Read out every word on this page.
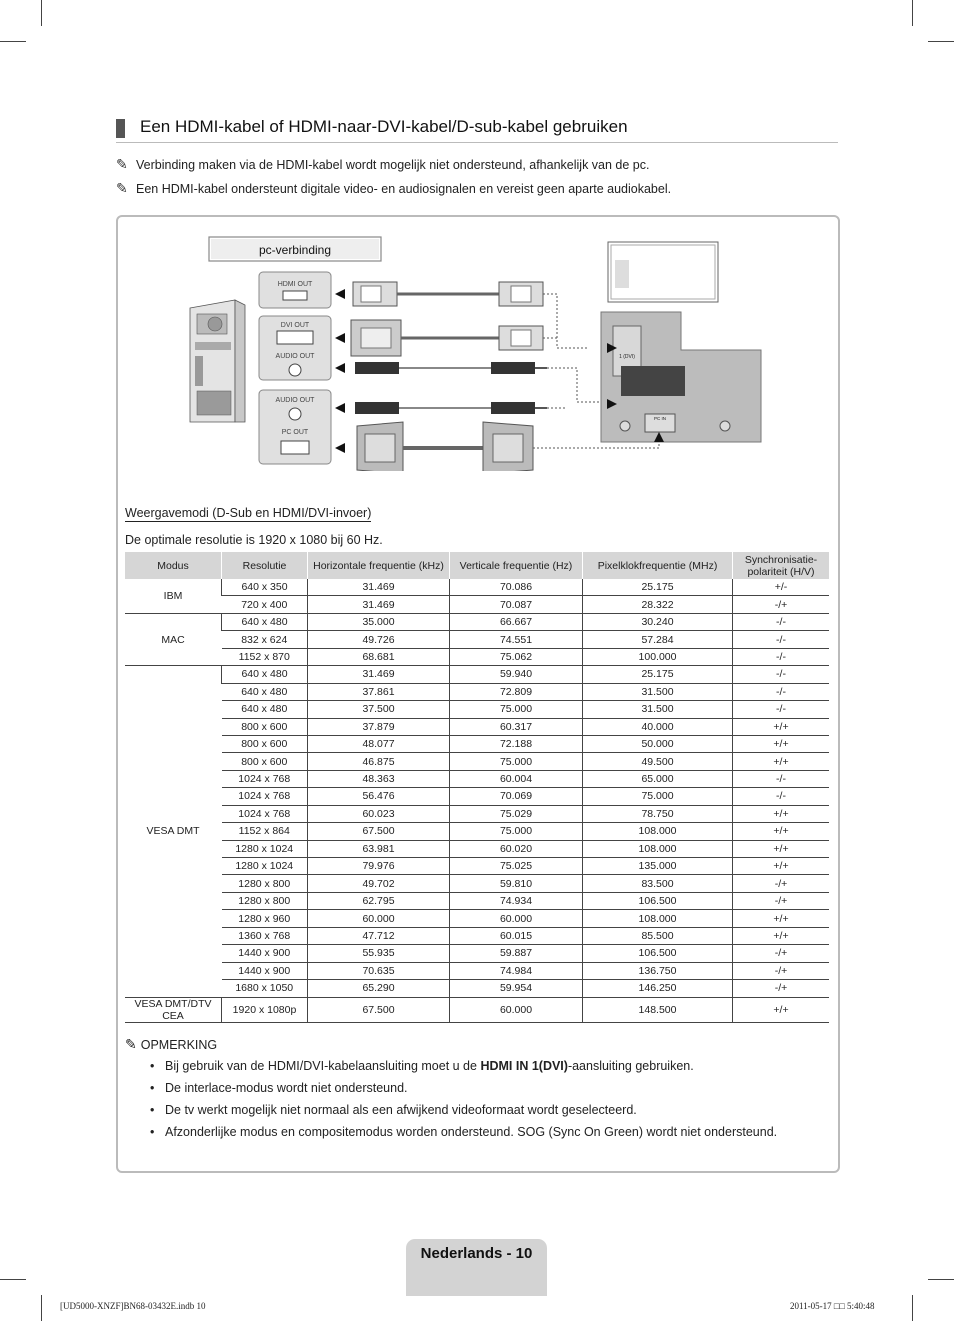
Een HDMI-kabel of HDMI-naar-DVI-kabel/D-sub-kabel gebruiken
✎ Verbinding maken via de HDMI-kabel wordt mogelijk niet ondersteund, afhankelijk van de pc.
✎ Een HDMI-kabel ondersteunt digitale video- en audiosignalen en vereist geen aparte audiokabel.
pc-verbinding
HDMI OUT
DVI OUT
AUDIO OUT
AUDIO OUT
PC OUT
1 (DVI)
PC IN
Weergavemodi (D-Sub en HDMI/DVI-invoer)
De optimale resolutie is 1920 x 1080 bij 60 Hz.
Modus	Resolutie	Horizontale frequentie (kHz)	Verticale frequentie (Hz)	Pixelklokfrequentie (MHz)	Synchronisatie-polariteit (H/V)
IBM	640 x 350	31.469	70.086	25.175	+/-
	720 x 400	31.469	70.087	28.322	-/+
MAC	640 x 480	35.000	66.667	30.240	-/-
	832 x 624	49.726	74.551	57.284	-/-
	1152 x 870	68.681	75.062	100.000	-/-
VESA DMT	640 x 480	31.469	59.940	25.175	-/-
	640 x 480	37.861	72.809	31.500	-/-
	640 x 480	37.500	75.000	31.500	-/-
	800 x 600	37.879	60.317	40.000	+/+
	800 x 600	48.077	72.188	50.000	+/+
	800 x 600	46.875	75.000	49.500	+/+
	1024 x 768	48.363	60.004	65.000	-/-
	1024 x 768	56.476	70.069	75.000	-/-
	1024 x 768	60.023	75.029	78.750	+/+
	1152 x 864	67.500	75.000	108.000	+/+
	1280 x 1024	63.981	60.020	108.000	+/+
	1280 x 1024	79.976	75.025	135.000	+/+
	1280 x 800	49.702	59.810	83.500	-/+
	1280 x 800	62.795	74.934	106.500	-/+
	1280 x 960	60.000	60.000	108.000	+/+
	1360 x 768	47.712	60.015	85.500	+/+
	1440 x 900	55.935	59.887	106.500	-/+
	1440 x 900	70.635	74.984	136.750	-/+
	1680 x 1050	65.290	59.954	146.250	-/+
VESA DMT/DTV CEA	1920 x 1080p	67.500	60.000	148.500	+/+
✎ OPMERKING
• Bij gebruik van de HDMI/DVI-kabelaansluiting moet u de HDMI IN 1(DVI)-aansluiting gebruiken.
• De interlace-modus wordt niet ondersteund.
• De tv werkt mogelijk niet normaal als een afwijkend videoformaat wordt geselecteerd.
• Afzonderlijke modus en compositemodus worden ondersteund. SOG (Sync On Green) wordt niet ondersteund.
Nederlands - 10
[UD5000-XNZF]BN68-03432E.indb 10	2011-05-17 □□ 5:40:48
